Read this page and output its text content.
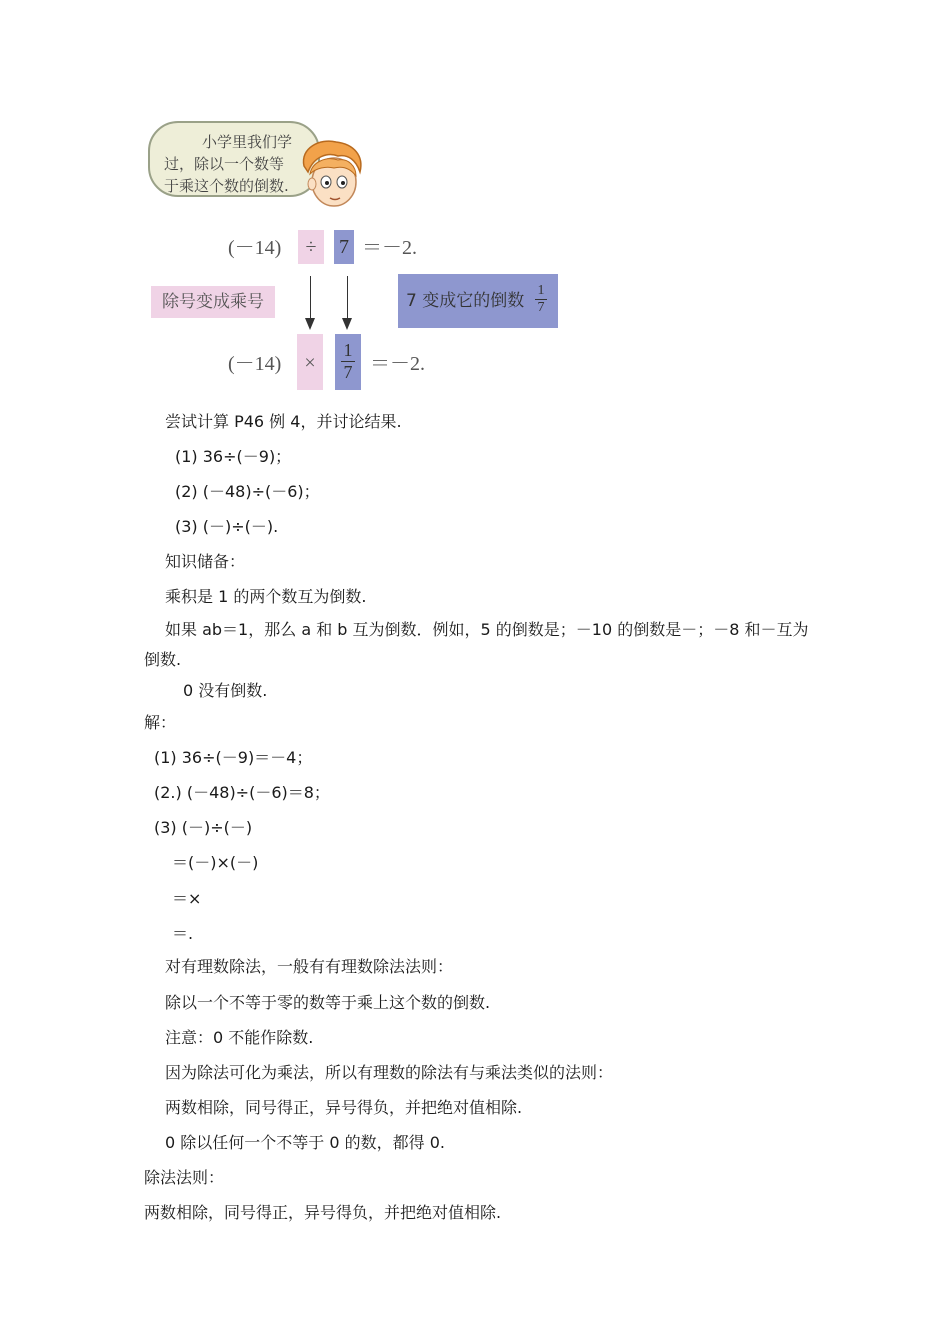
小学里我们学
过，除以一个数等
于乘这个数的倒数.
(－14)	÷	7 ＝－2.
除号变成乘号	7 变成它的倒数 $\frac{1}{7}$
(－14)	×	$\frac{1}{7} =-2$.
尝试计算 P46 例 4，并讨论结果.
(1) 36÷(－9)；
(2) (－48)÷(－6)；
(3) (－)÷(－).
知识储备：
乘积是 1 的两个数互为倒数.
如果 ab＝1，那么 a 和 b 互为倒数．例如，5 的倒数是；－10 的倒数是－；－8 和－互为
倒数.
0 没有倒数.
解：
(1) 36÷(－9)＝－4；
(2.) (－48)÷(－6)＝8；
(3) (－)÷(－)
＝(－)×(－)
＝×
＝.
对有理数除法，一般有有理数除法法则：
除以一个不等于零的数等于乘上这个数的倒数.
注意：0 不能作除数.
因为除法可化为乘法，所以有理数的除法有与乘法类似的法则：
两数相除，同号得正，异号得负，并把绝对值相除.
0 除以任何一个不等于 0 的数，都得 0.
除法法则：
两数相除，同号得正，异号得负，并把绝对值相除.
